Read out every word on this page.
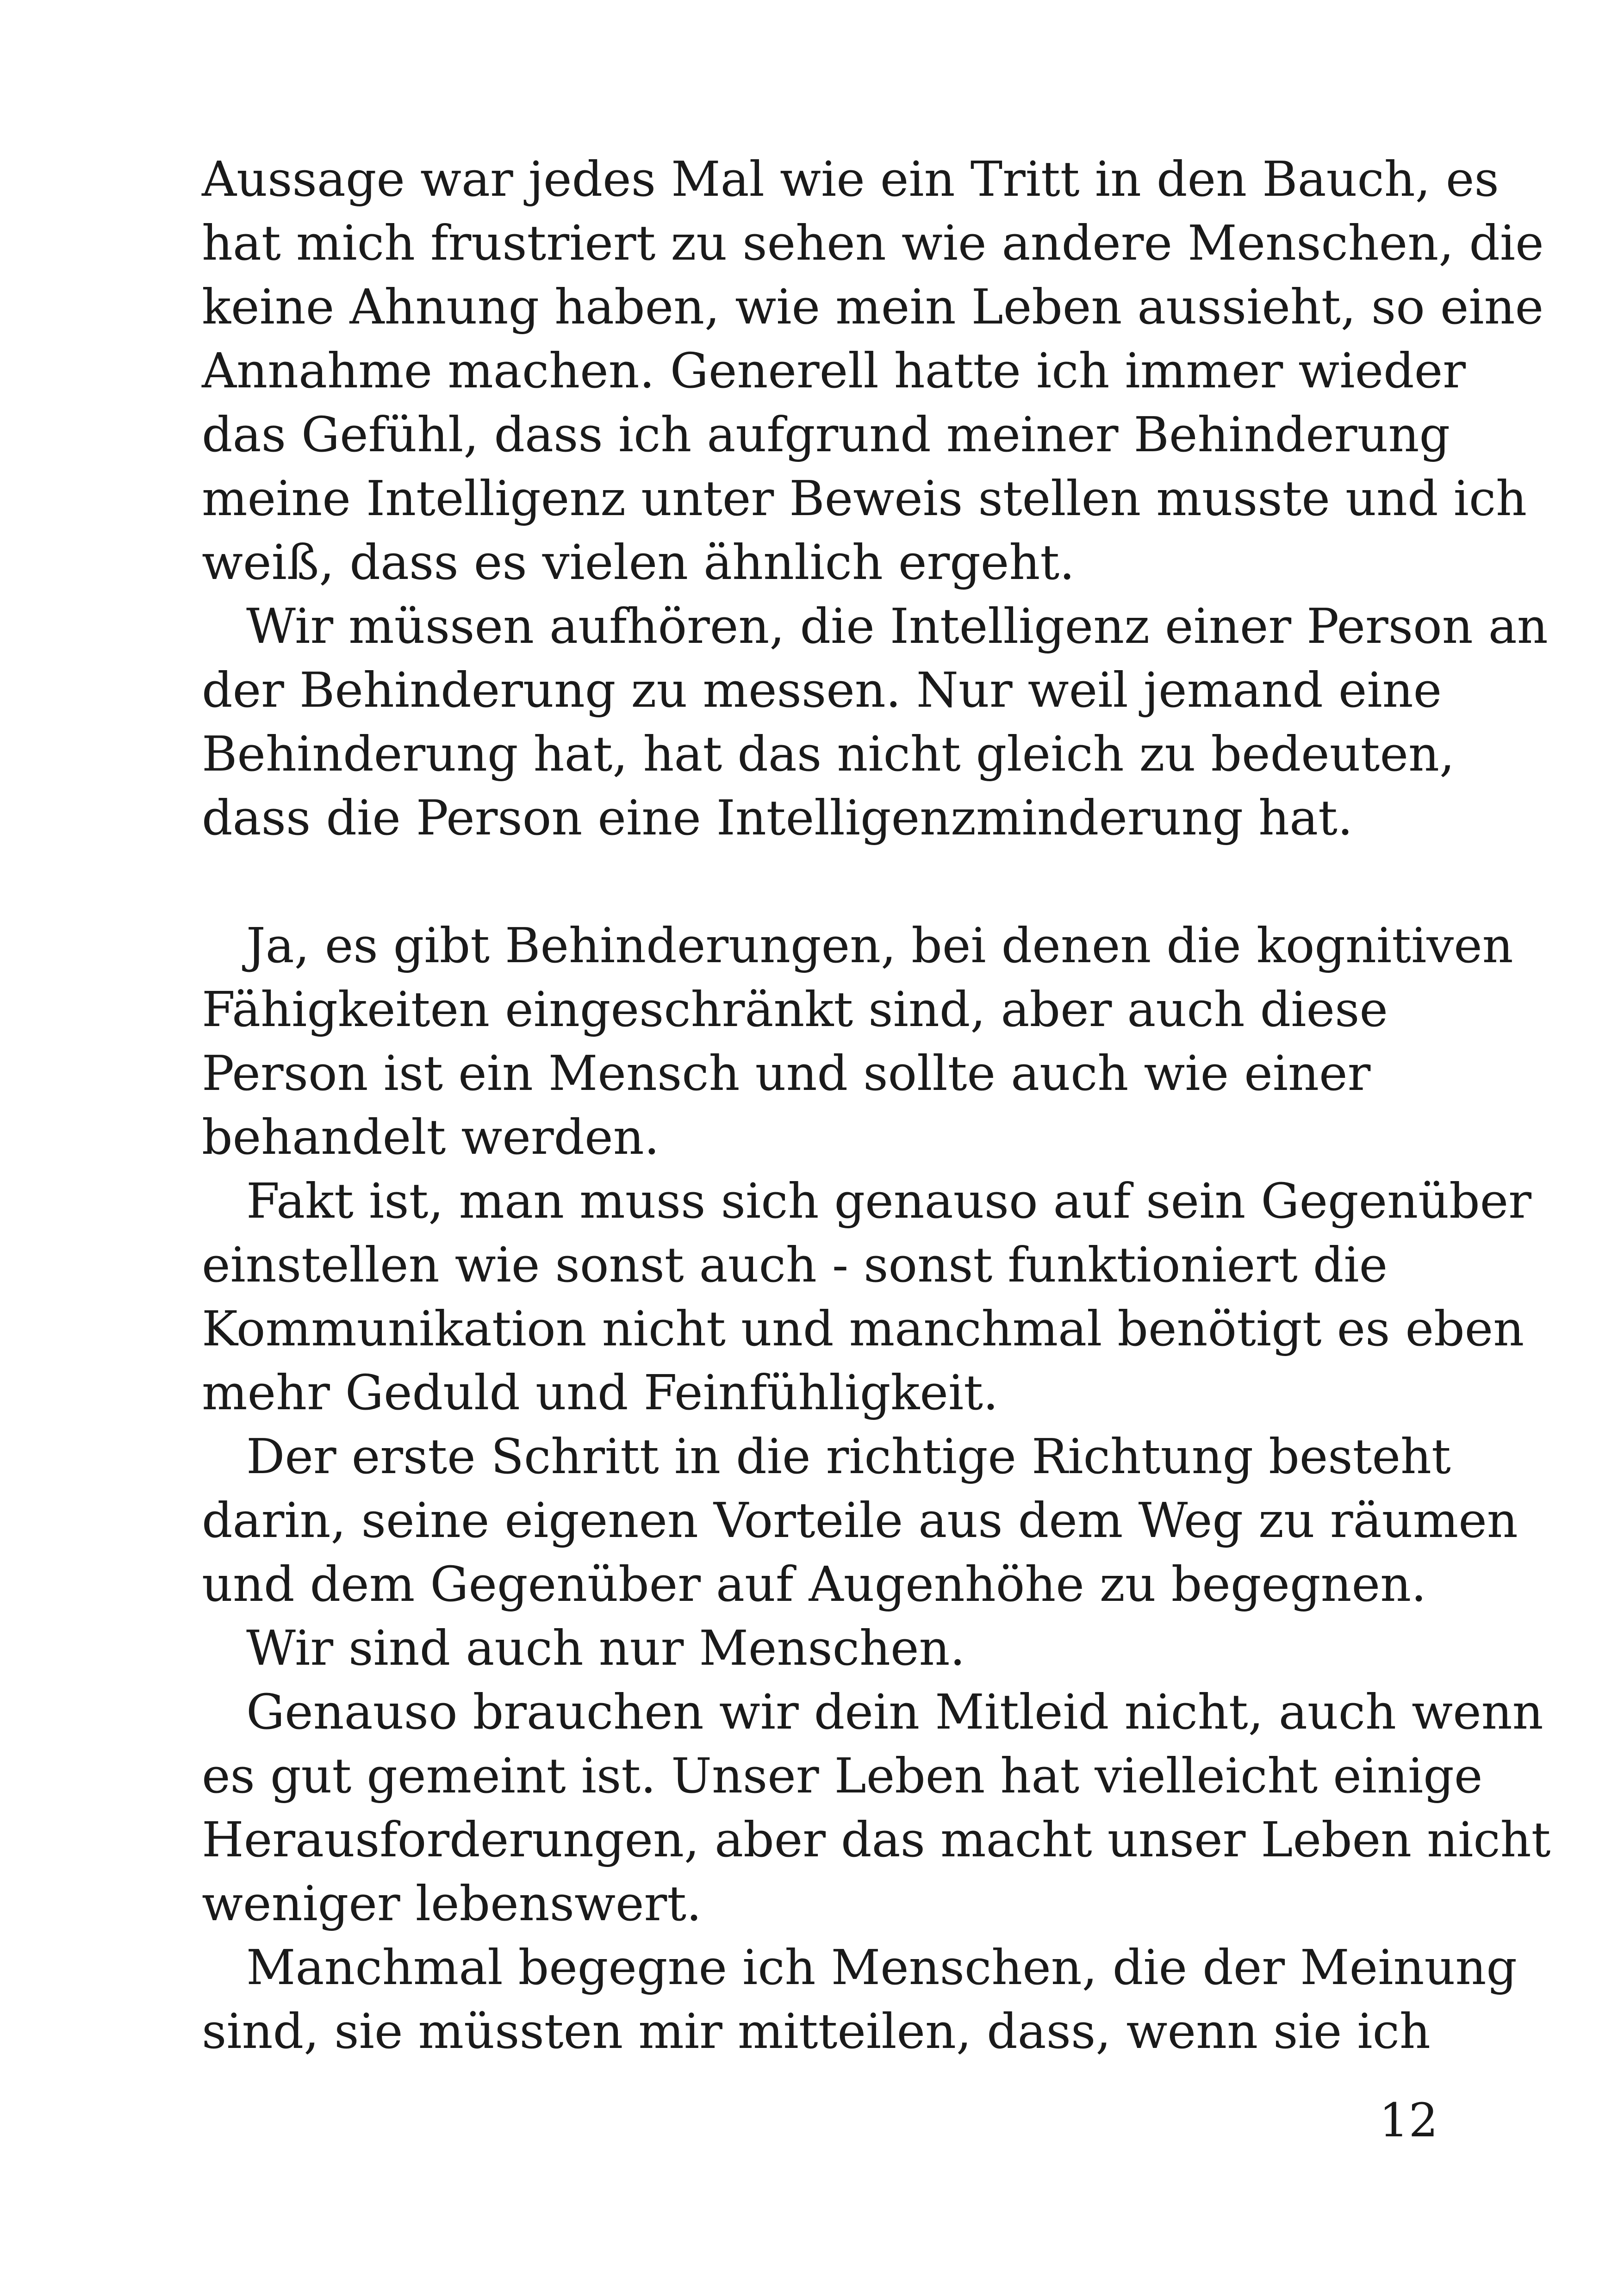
Aussage war jedes Mal wie ein Tritt in den Bauch, es
hat mich frustriert zu sehen wie andere Menschen, die
keine Ahnung haben, wie mein Leben aussieht, so eine
Annahme machen. Generell hatte ich immer wieder
das Gefühl, dass ich aufgrund meiner Behinderung
meine Intelligenz unter Beweis stellen musste und ich
weiß, dass es vielen ähnlich ergeht.

Wir müssen aufhören, die Intelligenz einer Person an
der Behinderung zu messen. Nur weil jemand eine
Behinderung hat, hat das nicht gleich zu bedeuten,
dass die Person eine Intelligenzminderung hat.

Ja, es gibt Behinderungen, bei denen die kognitiven
Fähigkeiten eingeschränkt sind, aber auch diese
Person ist ein Mensch und sollte auch wie einer
behandelt werden.

Fakt ist, man muss sich genauso auf sein Gegenüber
einstellen wie sonst auch - sonst funktioniert die
Kommunikation nicht und manchmal benötigt es eben
mehr Geduld und Feinfühligkeit.

Der erste Schritt in die richtige Richtung besteht
darin, seine eigenen Vorteile aus dem Weg zu räumen
und dem Gegenüber auf Augenhöhe zu begegnen.

Wir sind auch nur Menschen.

Genauso brauchen wir dein Mitleid nicht, auch wenn
es gut gemeint ist. Unser Leben hat vielleicht einige
Herausforderungen, aber das macht unser Leben nicht
weniger lebenswert.

Manchmal begegne ich Menschen, die der Meinung
sind, sie müssten mir mitteilen, dass, wenn sie ich

12
